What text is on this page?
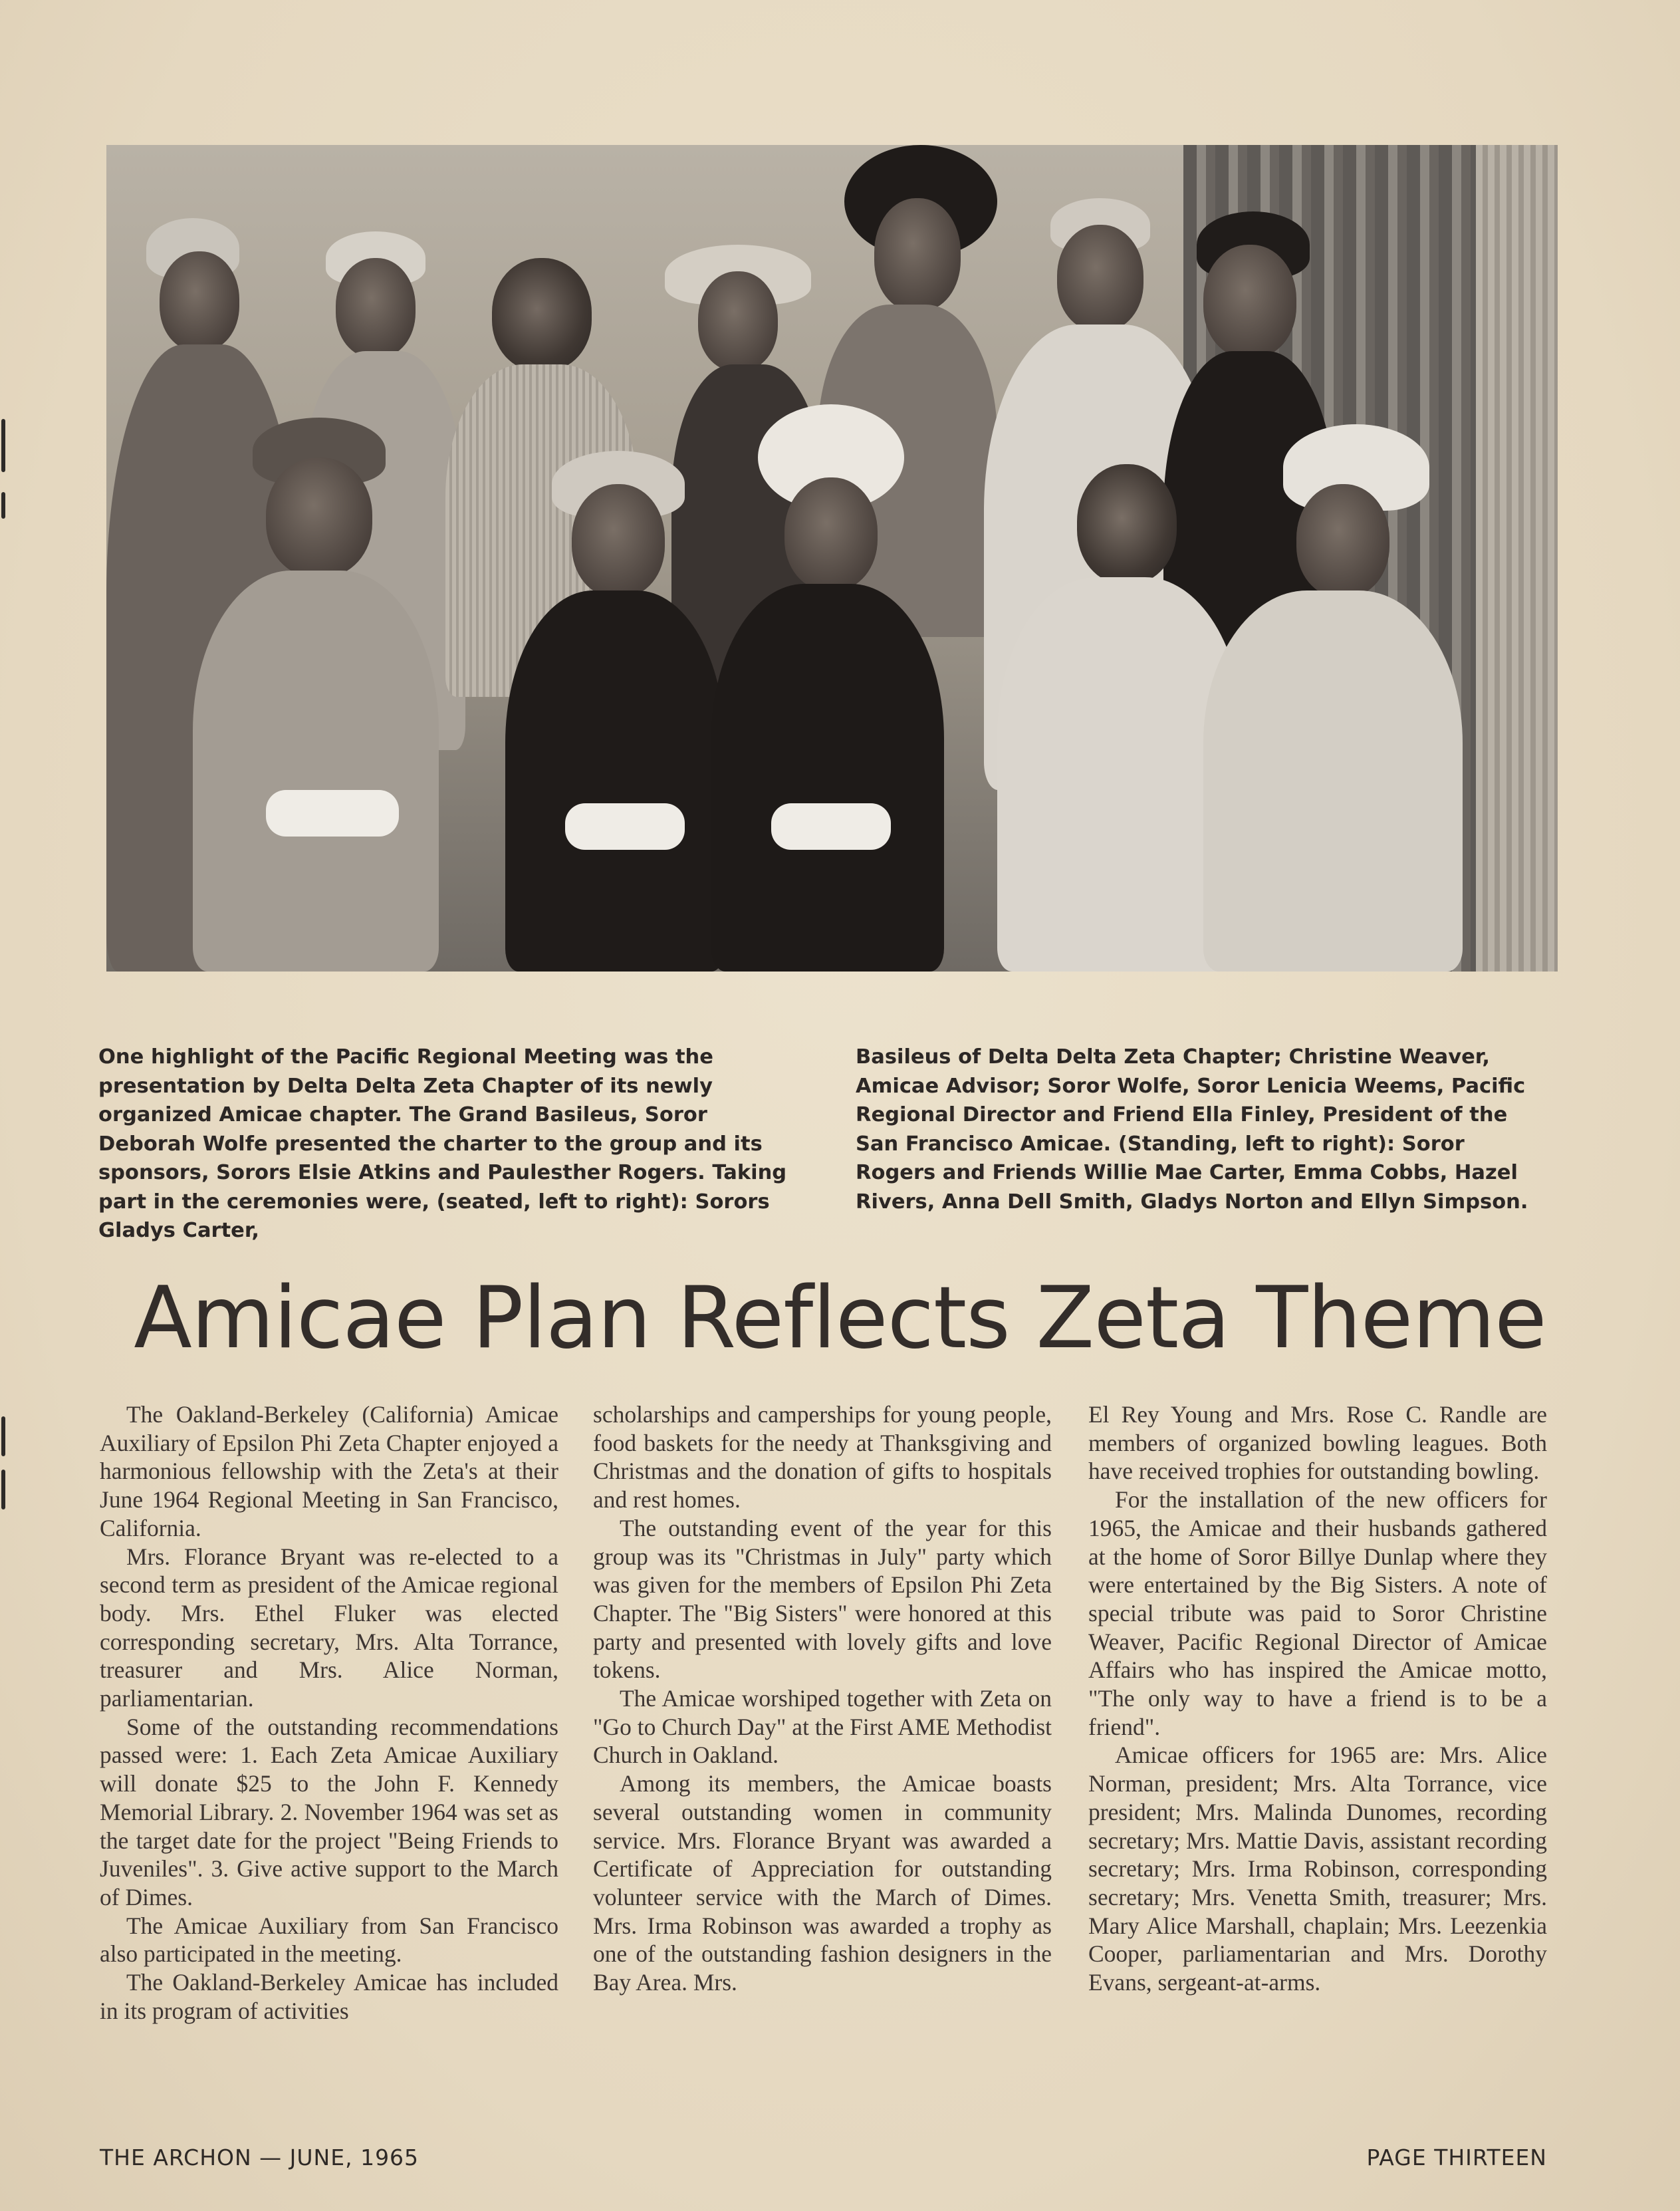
One highlight of the Pacific Regional Meeting was the presentation by Delta Delta Zeta Chapter of its newly organized Amicae chapter. The Grand Basileus, Soror Deborah Wolfe presented the charter to the group and its sponsors, Sorors Elsie Atkins and Paulesther Rogers. Taking part in the ceremonies were, (seated, left to right): Sorors Gladys Carter,

Basileus of Delta Delta Zeta Chapter; Christine Weaver, Amicae Advisor; Soror Wolfe, Soror Lenicia Weems, Pacific Regional Director and Friend Ella Finley, President of the San Francisco Amicae. (Standing, left to right): Soror Rogers and Friends Willie Mae Carter, Emma Cobbs, Hazel Rivers, Anna Dell Smith, Gladys Norton and Ellyn Simpson.

Amicae Plan Reflects Zeta Theme

The Oakland-Berkeley (California) Amicae Auxiliary of Epsilon Phi Zeta Chapter enjoyed a harmonious fellowship with the Zeta's at their June 1964 Regional Meeting in San Francisco, California.

Mrs. Florance Bryant was re-elected to a second term as president of the Amicae regional body. Mrs. Ethel Fluker was elected corresponding secretary, Mrs. Alta Torrance, treasurer and Mrs. Alice Norman, parliamentarian.

Some of the outstanding recommendations passed were: 1. Each Zeta Amicae Auxiliary will donate $25 to the John F. Kennedy Memorial Library. 2. November 1964 was set as the target date for the project "Being Friends to Juveniles". 3. Give active support to the March of Dimes.

The Amicae Auxiliary from San Francisco also participated in the meeting.

The Oakland-Berkeley Amicae has included in its program of activities

scholarships and camperships for young people, food baskets for the needy at Thanksgiving and Christmas and the donation of gifts to hospitals and rest homes.

The outstanding event of the year for this group was its "Christmas in July" party which was given for the members of Epsilon Phi Zeta Chapter. The "Big Sisters" were honored at this party and presented with lovely gifts and love tokens.

The Amicae worshiped together with Zeta on "Go to Church Day" at the First AME Methodist Church in Oakland.

Among its members, the Amicae boasts several outstanding women in community service. Mrs. Florance Bryant was awarded a Certificate of Appreciation for outstanding volunteer service with the March of Dimes. Mrs. Irma Robinson was awarded a trophy as one of the outstanding fashion designers in the Bay Area. Mrs.

El Rey Young and Mrs. Rose C. Randle are members of organized bowling leagues. Both have received trophies for outstanding bowling.

For the installation of the new officers for 1965, the Amicae and their husbands gathered at the home of Soror Billye Dunlap where they were entertained by the Big Sisters. A note of special tribute was paid to Soror Christine Weaver, Pacific Regional Director of Amicae Affairs who has inspired the Amicae motto, "The only way to have a friend is to be a friend".

Amicae officers for 1965 are: Mrs. Alice Norman, president; Mrs. Alta Torrance, vice president; Mrs. Malinda Dunomes, recording secretary; Mrs. Mattie Davis, assistant recording secretary; Mrs. Irma Robinson, corresponding secretary; Mrs. Venetta Smith, treasurer; Mrs. Mary Alice Marshall, chaplain; Mrs. Leezenkia Cooper, parliamentarian and Mrs. Dorothy Evans, sergeant-at-arms.

THE ARCHON — JUNE, 1965	PAGE THIRTEEN
